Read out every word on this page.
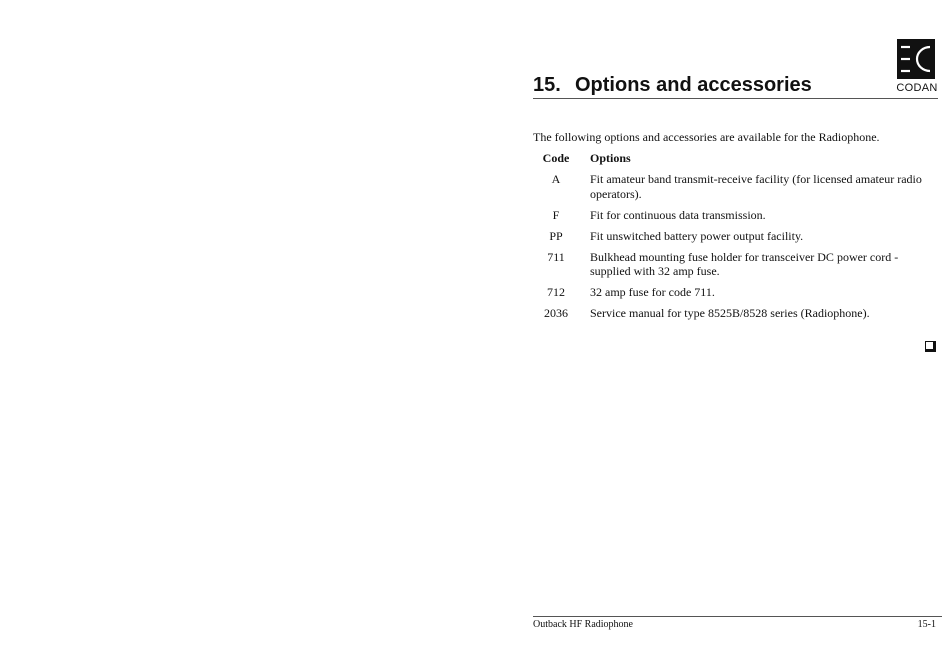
CODAN
15. Options and accessories

The following options and accessories are available for the Radiophone.

Code	Options
A	Fit amateur band transmit-receive facility (for licensed amateur radio operators).
F	Fit for continuous data transmission.
PP	Fit unswitched battery power output facility.
711	Bulkhead mounting fuse holder for transceiver DC power cord - supplied with 32 amp fuse.
712	32 amp fuse for code 711.
2036	Service manual for type 8525B/8528 series (Radiophone).
Outback HF Radiophone	15-1
